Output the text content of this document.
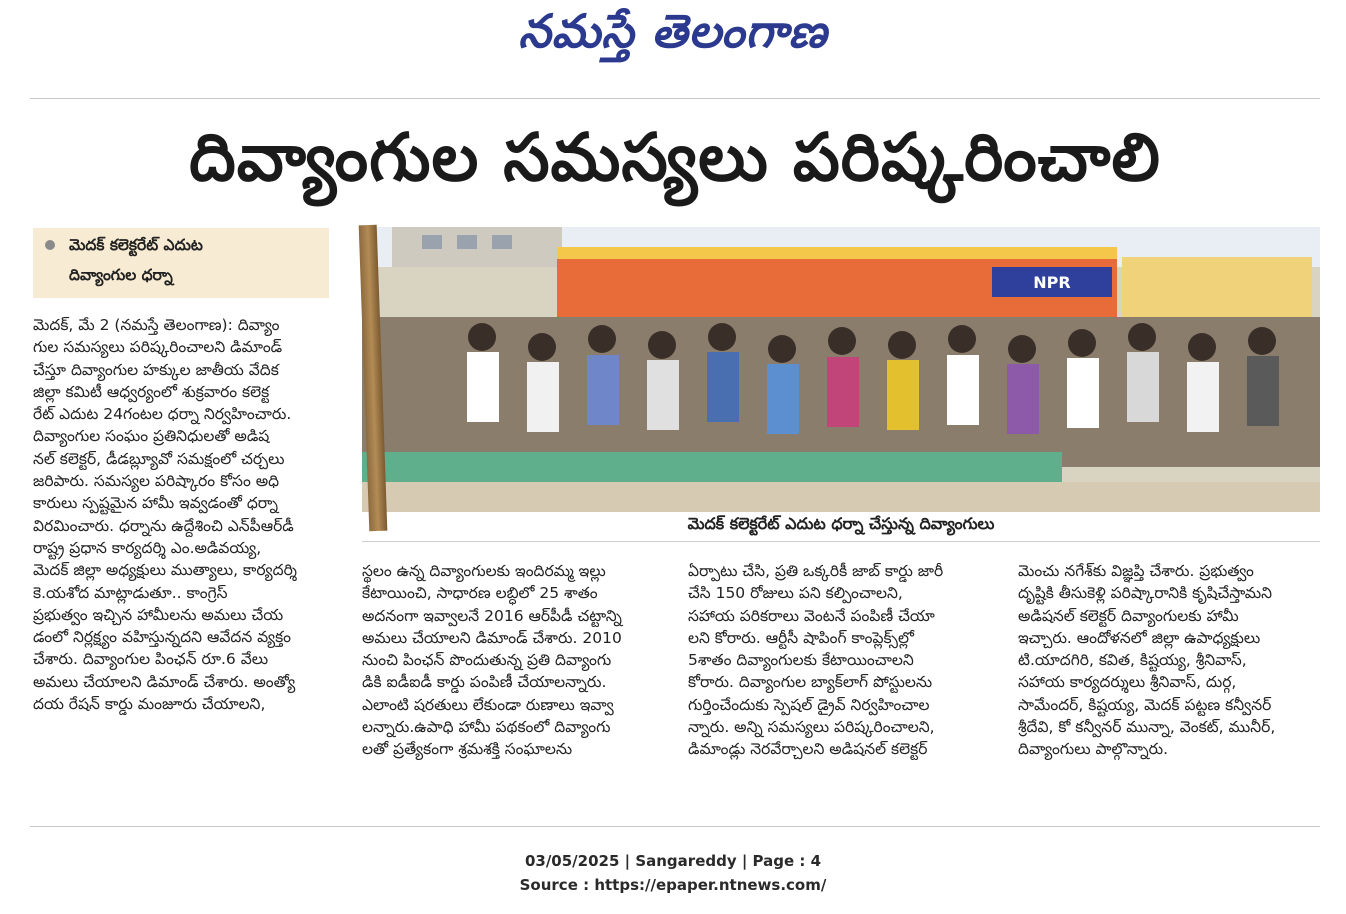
నమస్తే తెలంగాణ
దివ్యాంగుల సమస్యలు పరిష్కరించాలి
మెదక్ కలెక్టరేట్ ఎదుట
దివ్యాంగుల ధర్నా

మెదక్, మే 2 (నమస్తే తెలంగాణ): దివ్యాం

గుల సమస్యలు పరిష్కరించాలని డిమాండ్

చేస్తూ దివ్యాంగుల హక్కుల జాతీయ వేదిక

జిల్లా కమిటీ ఆధ్వర్యంలో శుక్రవారం కలెక్ట

రేట్ ఎదుట 24గంటల ధర్నా నిర్వహించారు.

దివ్యాంగుల సంఘం ప్రతినిధులతో అడిష

నల్ కలెక్టర్, డీడబ్ల్యూవో సమక్షంలో చర్చలు

జరిపారు. సమస్యల పరిష్కారం కోసం అధి

కారులు స్పష్టమైన హామీ ఇవ్వడంతో ధర్నా

విరమించారు. ధర్నాను ఉద్దేశించి ఎన్‌పీఆర్‌డీ

రాష్ట్ర ప్రధాన కార్యదర్శి ఎం.అడివయ్య,

మెదక్ జిల్లా అధ్యక్షులు ముత్యాలు, కార్యదర్శి

కె.యశోద మాట్లాడుతూ.. కాంగ్రెస్

ప్రభుత్వం ఇచ్చిన హామీలను అమలు చేయ

డంలో నిర్లక్ష్యం వహిస్తున్నదని ఆవేదన వ్యక్తం

చేశారు. దివ్యాంగుల పింఛన్ రూ.6 వేలు

అమలు చేయాలని డిమాండ్ చేశారు. అంత్యో

దయ రేషన్ కార్డు మంజూరు చేయాలని,

స్థలం ఉన్న దివ్యాంగులకు ఇందిరమ్మ ఇల్లు

కేటాయించి, సాధారణ లబ్ధిలో 25 శాతం

అదనంగా ఇవ్వాలనే 2016 ఆర్‌పీడీ చట్టాన్ని

అమలు చేయాలని డిమాండ్ చేశారు. 2010

నుంచి పింఛన్ పొందుతున్న ప్రతి దివ్యాంగు

డికి ఐడీఐడీ కార్డు పంపిణీ చేయాలన్నారు.

ఎలాంటి షరతులు లేకుండా రుణాలు ఇవ్వా

లన్నారు.ఉపాధి హామీ పథకంలో దివ్యాంగు

లతో ప్రత్యేకంగా శ్రమశక్తి సంఘాలను

ఏర్పాటు చేసి, ప్రతి ఒక్కరికీ జాబ్ కార్డు జారీ

చేసి 150 రోజులు పని కల్పించాలని,

సహాయ పరికరాలు వెంటనే పంపిణీ చేయా

లని కోరారు. ఆర్టీసీ షాపింగ్ కాంప్లెక్స్‌ల్లో

5శాతం దివ్యాంగులకు కేటాయించాలని

కోరారు. దివ్యాంగుల బ్యాక్‌లాగ్ పోస్టులను

గుర్తించేందుకు స్పెషల్ డ్రైవ్ నిర్వహించాల

న్నారు. అన్ని సమస్యలు పరిష్కరించాలని,

డిమాండ్లు నెరవేర్చాలని అడిషనల్ కలెక్టర్

మెంచు నగేశ్‌కు విజ్ఞప్తి చేశారు. ప్రభుత్వం

దృష్టికి తీసుకెళ్లి పరిష్కారానికి కృషిచేస్తామని

అడిషనల్ కలెక్టర్ దివ్యాంగులకు హామీ

ఇచ్చారు. ఆందోళనలో జిల్లా ఉపాధ్యక్షులు

టి.యాదగిరి, కవిత, కిష్టయ్య, శ్రీనివాస్,

సహాయ కార్యదర్శులు శ్రీనివాస్, దుర్గ,

సామేందర్, కిష్టయ్య, మెదక్ పట్టణ కన్వీనర్

శ్రీదేవి, కో కన్వీనర్ మున్నా, వెంకట్, మునీర్,

దివ్యాంగులు పాల్గొన్నారు.

NPR
మెదక్ కలెక్టరేట్ ఎదుట ధర్నా చేస్తున్న దివ్యాంగులు
03/05/2025 | Sangareddy | Page : 4
Source : https://epaper.ntnews.com/
